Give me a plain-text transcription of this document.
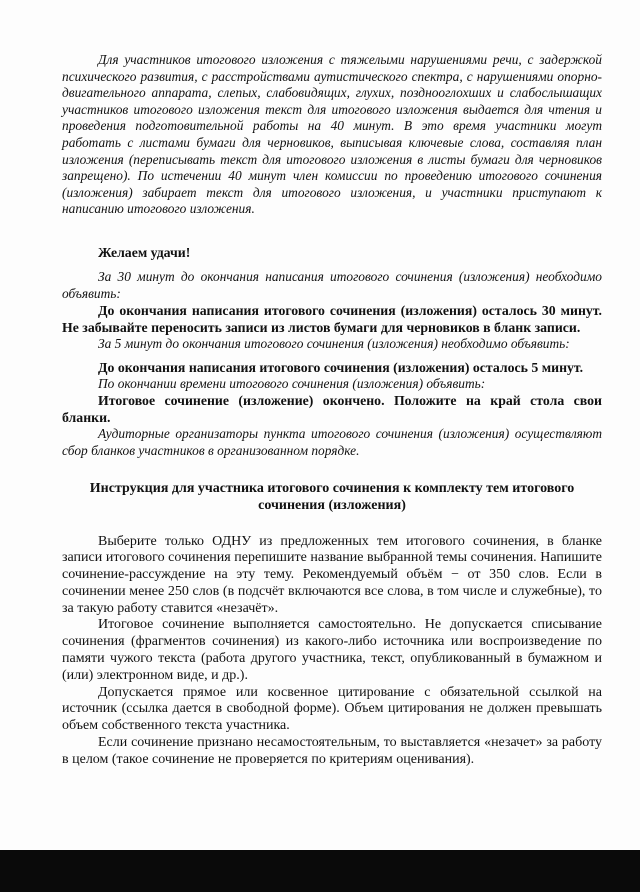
Для участников итогового изложения с тяжелыми нарушениями речи, с задержкой психического развития, с расстройствами аутистического спектра, с нарушениями опорно-двигательного аппарата, слепых, слабовидящих, глухих, позднооглохших и слабослышащих участников итогового изложения текст для итогового изложения выдается для чтения и проведения подготовительной работы на 40 минут. В это время участники могут работать с листами бумаги для черновиков, выписывая ключевые слова, составляя план изложения (переписывать текст для итогового изложения в листы бумаги для черновиков запрещено). По истечении 40 минут член комиссии по проведению итогового сочинения (изложения) забирает текст для итогового изложения, и участники приступают к написанию итогового изложения.

Желаем удачи!

За 30 минут до окончания написания итогового сочинения (изложения) необходимо объявить:

До окончания написания итогового сочинения (изложения) осталось 30 минут. Не забывайте переносить записи из листов бумаги для черновиков в бланк записи.

За 5 минут до окончания итогового сочинения (изложения) необходимо объявить:

До окончания написания итогового сочинения (изложения) осталось 5 минут.

По окончании времени итогового сочинения (изложения) объявить:

Итоговое сочинение (изложение) окончено. Положите на край стола свои бланки.

Аудиторные организаторы пункта итогового сочинения (изложения) осуществляют сбор бланков участников в организованном порядке.

Инструкция для участника итогового сочинения к комплекту тем итогового сочинения (изложения)

Выберите только ОДНУ из предложенных тем итогового сочинения, в бланке записи итогового сочинения перепишите название выбранной темы сочинения. Напишите сочинение-рассуждение на эту тему. Рекомендуемый объём − от 350 слов. Если в сочинении менее 250 слов (в подсчёт включаются все слова, в том числе и служебные), то за такую работу ставится «незачёт».

Итоговое сочинение выполняется самостоятельно. Не допускается списывание сочинения (фрагментов сочинения) из какого-либо источника или воспроизведение по памяти чужого текста (работа другого участника, текст, опубликованный в бумажном и (или) электронном виде, и др.).

Допускается прямое или косвенное цитирование с обязательной ссылкой на источник (ссылка дается в свободной форме). Объем цитирования не должен превышать объем собственного текста участника.

Если сочинение признано несамостоятельным, то выставляется «незачет» за работу в целом (такое сочинение не проверяется по критериям оценивания).
